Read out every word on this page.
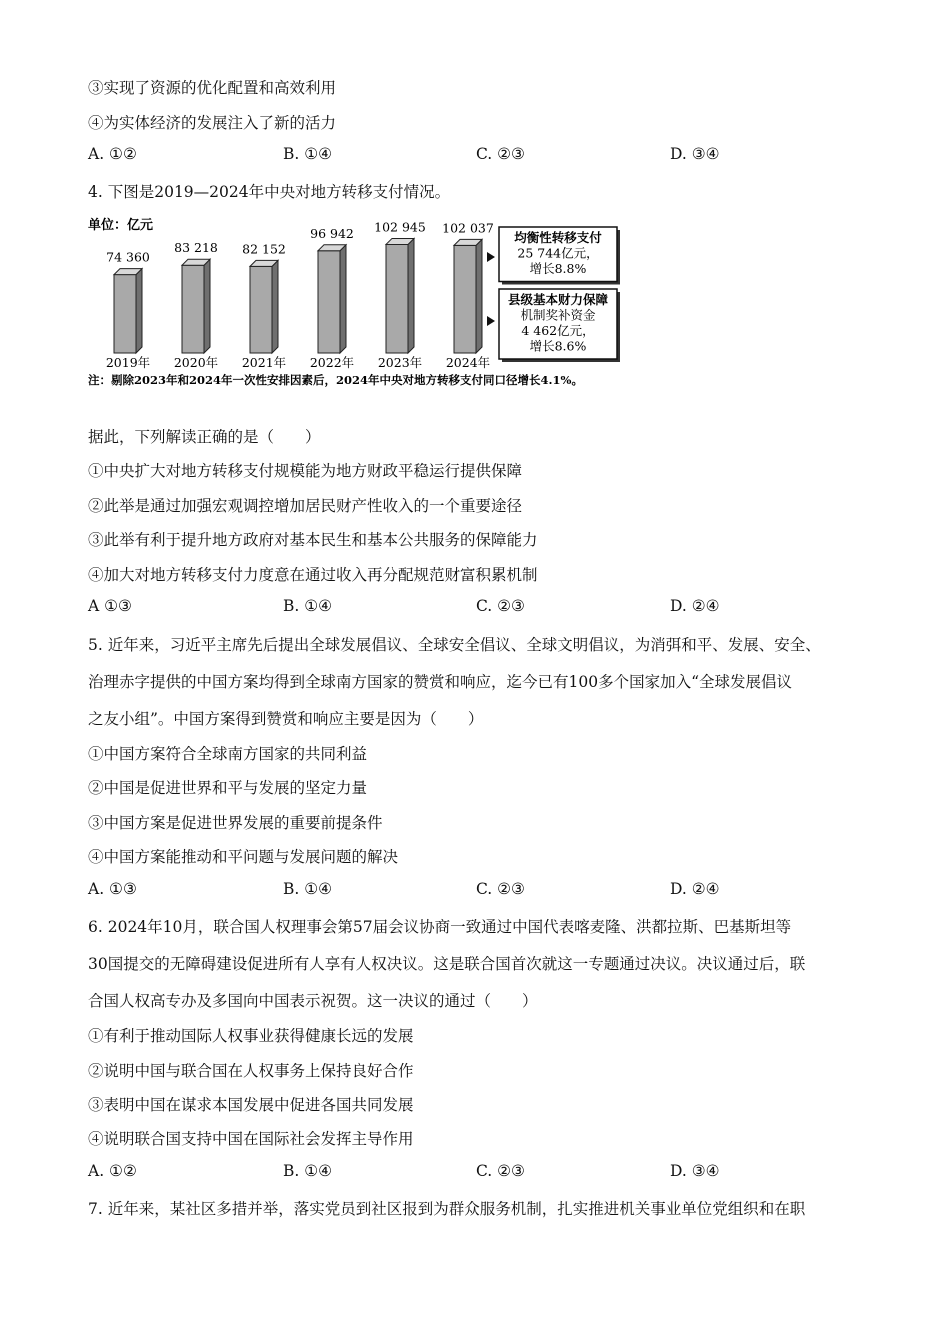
③实现了资源的优化配置和高效利用
④为实体经济的发展注入了新的活力
A. ①②	B. ①④	C. ②③	D. ③④
4. 下图是2019—2024年中央对地方转移支付情况。
单位：亿元
74 360
2019年
83 218
2020年
82 152
2021年
96 942
2022年
102 945
2023年
102 037
2024年
均衡性转移支付
25 744亿元，
增长8.8%
县级基本财力保障
机制奖补资金
4 462亿元，
增长8.6%
注：剔除2023年和2024年一次性安排因素后，2024年中央对地方转移支付同口径增长4.1%。
据此，下列解读正确的是（　　）
①中央扩大对地方转移支付规模能为地方财政平稳运行提供保障
②此举是通过加强宏观调控增加居民财产性收入的一个重要途径
③此举有利于提升地方政府对基本民生和基本公共服务的保障能力
④加大对地方转移支付力度意在通过收入再分配规范财富积累机制
A ①③	B. ①④	C. ②③	D. ②④
5. 近年来，习近平主席先后提出全球发展倡议、全球安全倡议、全球文明倡议，为消弭和平、发展、安全、
治理赤字提供的中国方案均得到全球南方国家的赞赏和响应，迄今已有100多个国家加入“全球发展倡议
之友小组”。中国方案得到赞赏和响应主要是因为（　　）
①中国方案符合全球南方国家的共同利益
②中国是促进世界和平与发展的坚定力量
③中国方案是促进世界发展的重要前提条件
④中国方案能推动和平问题与发展问题的解决
A. ①③	B. ①④	C. ②③	D. ②④
6. 2024年10月，联合国人权理事会第57届会议协商一致通过中国代表喀麦隆、洪都拉斯、巴基斯坦等
30国提交的无障碍建设促进所有人享有人权决议。这是联合国首次就这一专题通过决议。决议通过后，联
合国人权高专办及多国向中国表示祝贺。这一决议的通过（　　）
①有利于推动国际人权事业获得健康长远的发展
②说明中国与联合国在人权事务上保持良好合作
③表明中国在谋求本国发展中促进各国共同发展
④说明联合国支持中国在国际社会发挥主导作用
A. ①②	B. ①④	C. ②③	D. ③④
7. 近年来，某社区多措并举，落实党员到社区报到为群众服务机制，扎实推进机关事业单位党组织和在职
